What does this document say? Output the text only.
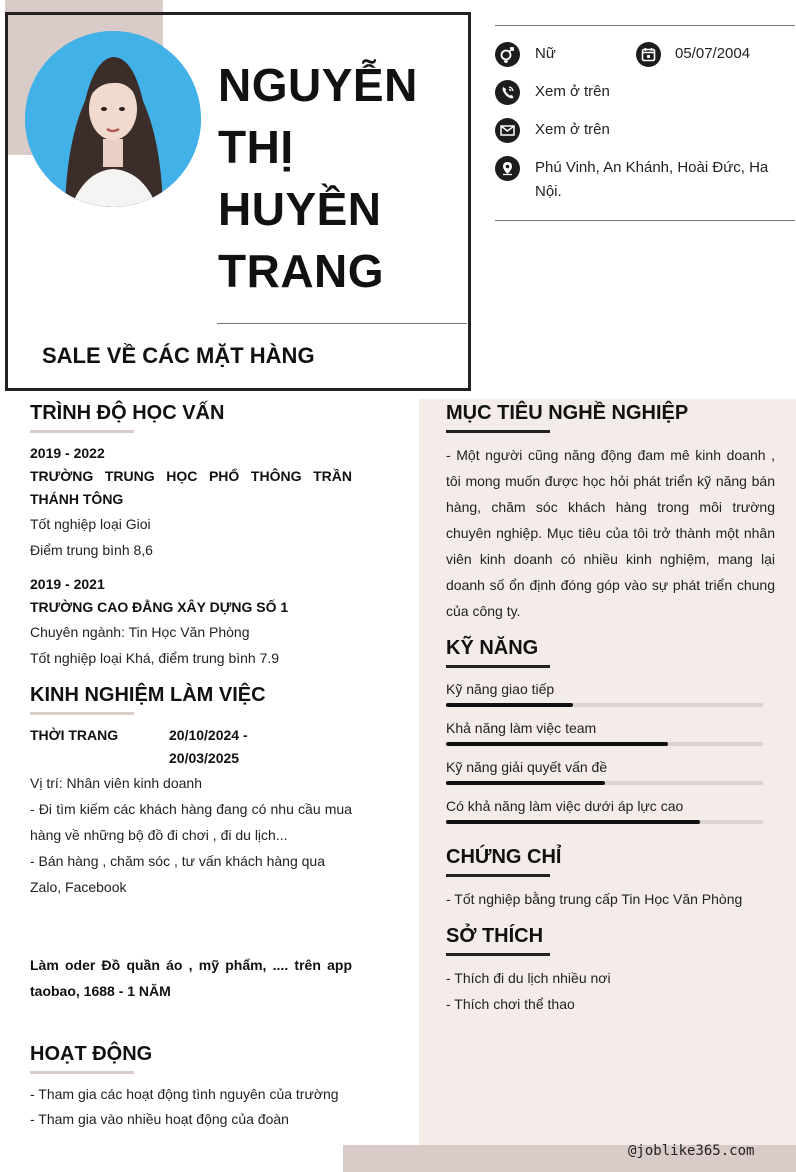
NGUYỄN
THỊ
HUYỀN
TRANG
SALE VỀ CÁC MẶT HÀNG
Nữ	05/07/2004
Xem ở trên
Xem ở trên
Phú Vinh, An Khánh, Hoài Đức, Ha Nội.
TRÌNH ĐỘ HỌC VẤN
2019 - 2022
TRƯỜNG TRUNG HỌC PHỔ THÔNG TRẦN THÁNH TÔNG
Tốt nghiệp loại Gioi
Điểm trung bình 8,6
2019 - 2021
TRƯỜNG CAO ĐẲNG XÂY DỰNG SỐ 1
Chuyên ngành: Tin Học Văn Phòng
Tốt nghiệp loại Khá, điểm trung bình 7.9
KINH NGHIỆM LÀM VIỆC
THỜI TRANG	20/10/2024 -
20/03/2025
Vị trí: Nhân viên kinh doanh
- Đi tìm kiếm các khách hàng đang có nhu cầu mua hàng về những bộ đồ đi chơi , đi du lịch...
- Bán hàng , chăm sóc , tư vấn khách hàng qua Zalo, Facebook
Làm oder Đồ quần áo , mỹ phẩm, .... trên app taobao, 1688 - 1 NĂM
HOẠT ĐỘNG
- Tham gia các hoạt động tình nguyên của trường
- Tham gia vào nhiều hoạt động của đoàn
MỤC TIÊU NGHỀ NGHIỆP
- Một người cũng năng động đam mê kinh doanh , tôi mong muốn được học hỏi phát triển kỹ năng bán hàng, chăm sóc khách hàng trong môi trường chuyên nghiệp. Mục tiêu của tôi trở thành một nhân viên kinh doanh có nhiều kinh nghiệm, mang lại doanh số ổn định đóng góp vào sự phát triển chung của công ty.
KỸ NĂNG
Kỹ năng giao tiếp
Khả năng làm việc team
Kỹ năng giải quyết vấn đề
Có khả năng làm việc dưới áp lực cao
CHỨNG CHỈ
- Tốt nghiệp bằng trung cấp Tin Học Văn Phòng
SỞ THÍCH
- Thích đi du lịch nhiều nơi
- Thích chơi thể thao
@joblike365.com
